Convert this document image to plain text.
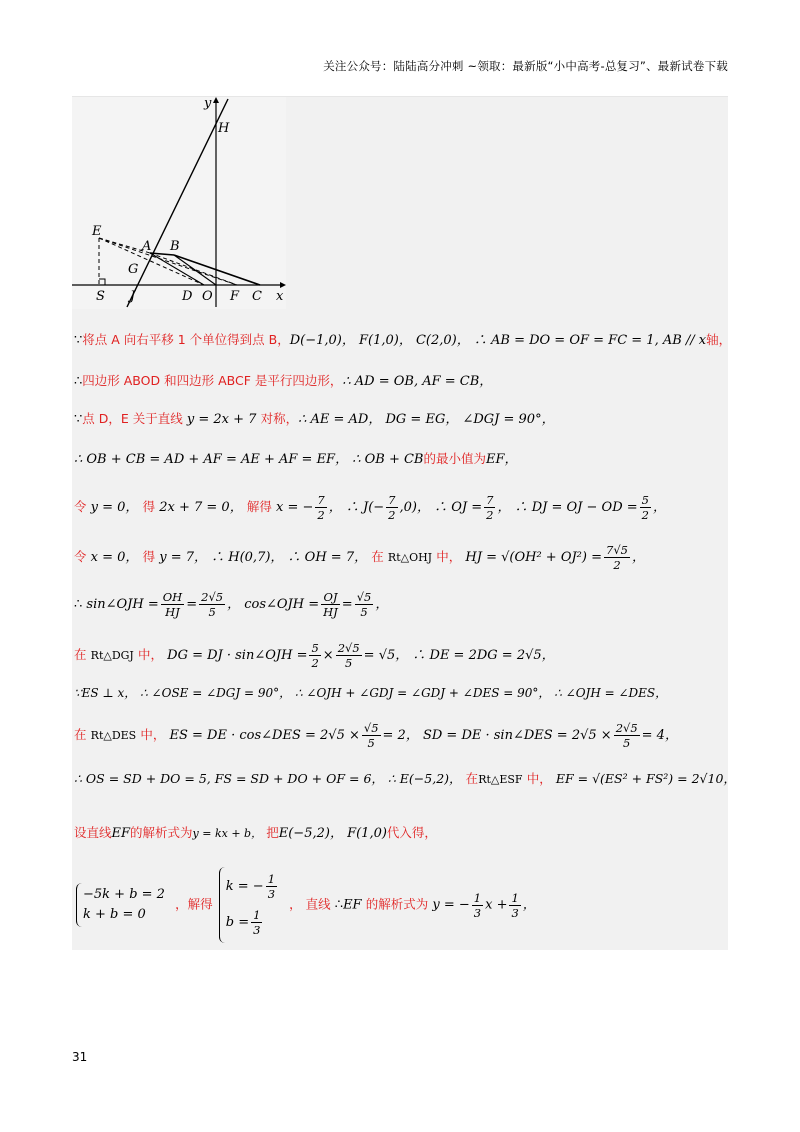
关注公众号：陆陆高分冲刺 ~领取：最新版“小中高考-总复习”、最新试卷下载
y
H
E
A B
G
S J	D O F C x
∵将点 A 向右平移 1 个单位得到点 B，D(−1,0)， F(1,0)， C(2,0)， ∴ AB = DO = OF = FC = 1, AB // x轴，
∴四边形 ABOD 和四边形 ABCF 是平行四边形，∴ AD = OB, AF = CB，
∵点 D，E 关于直线 y = 2x + 7 对称，∴ AE = AD， DG = EG， ∠DGJ = 90°，
∴ OB + CB = AD + AF = AE + AF = EF， ∴ OB + CB的最小值为EF，
令 y = 0， 得 2x + 7 = 0， 解得 x = − $\frac{7}{2}$ ， ∴ $J(- \frac{7}{2} ,0)$， ∴ OJ = $\frac{7}{2}$ ， ∴ DJ = OJ − OD = $\frac{5}{2}$ ，
令 x = 0， 得 y = 7， ∴ H(0,7)， ∴ OH = 7， 在 Rt△OHJ 中， HJ = $√(OH^2 + OJ^2) = \frac{7√5}{2}$ ，
∴ sin∠OJH = $\frac{OH}{HJ} = \frac{2√5}{5}$ ， cos∠OJH = $\frac{OJ}{HJ} = \frac{√5}{5}$ ，
在 Rt△DGJ 中， DG = DJ · sin∠OJH = $\frac{5}{2} \times \frac{2√5}{5} = √5$， ∴ DE = 2DG = 2√5，
∵ES ⊥ x， ∴ ∠OSE = ∠DGJ = 90°， ∴ ∠OJH + ∠GDJ = ∠GDJ + ∠DES = 90°， ∴ ∠OJH = ∠DES，
在 Rt△DES 中， ES = DE · cos∠DES = $2√5 \times \frac{√5}{5} = 2$， SD = DE · sin∠DES = $2√5 \times \frac{2√5}{5} = 4$，
∴ OS = SD + DO = 5, FS = SD + DO + OF = 6， ∴ E(−5,2)， 在Rt△ESF 中， EF = √(ES² + FS²) = 2√10，
设直线EF的解析式为y = kx + b， 把E(−5,2)， F(1,0)代入得，
−5k + b = 2
k + b = 0
，解得
k = − $\frac{1}{3}$
$b = \frac{1}{3}$
， 直线 ∴EF 的解析式为 y = − $\frac{1}{3}$ $x + \frac{1}{3}$ ，
31
